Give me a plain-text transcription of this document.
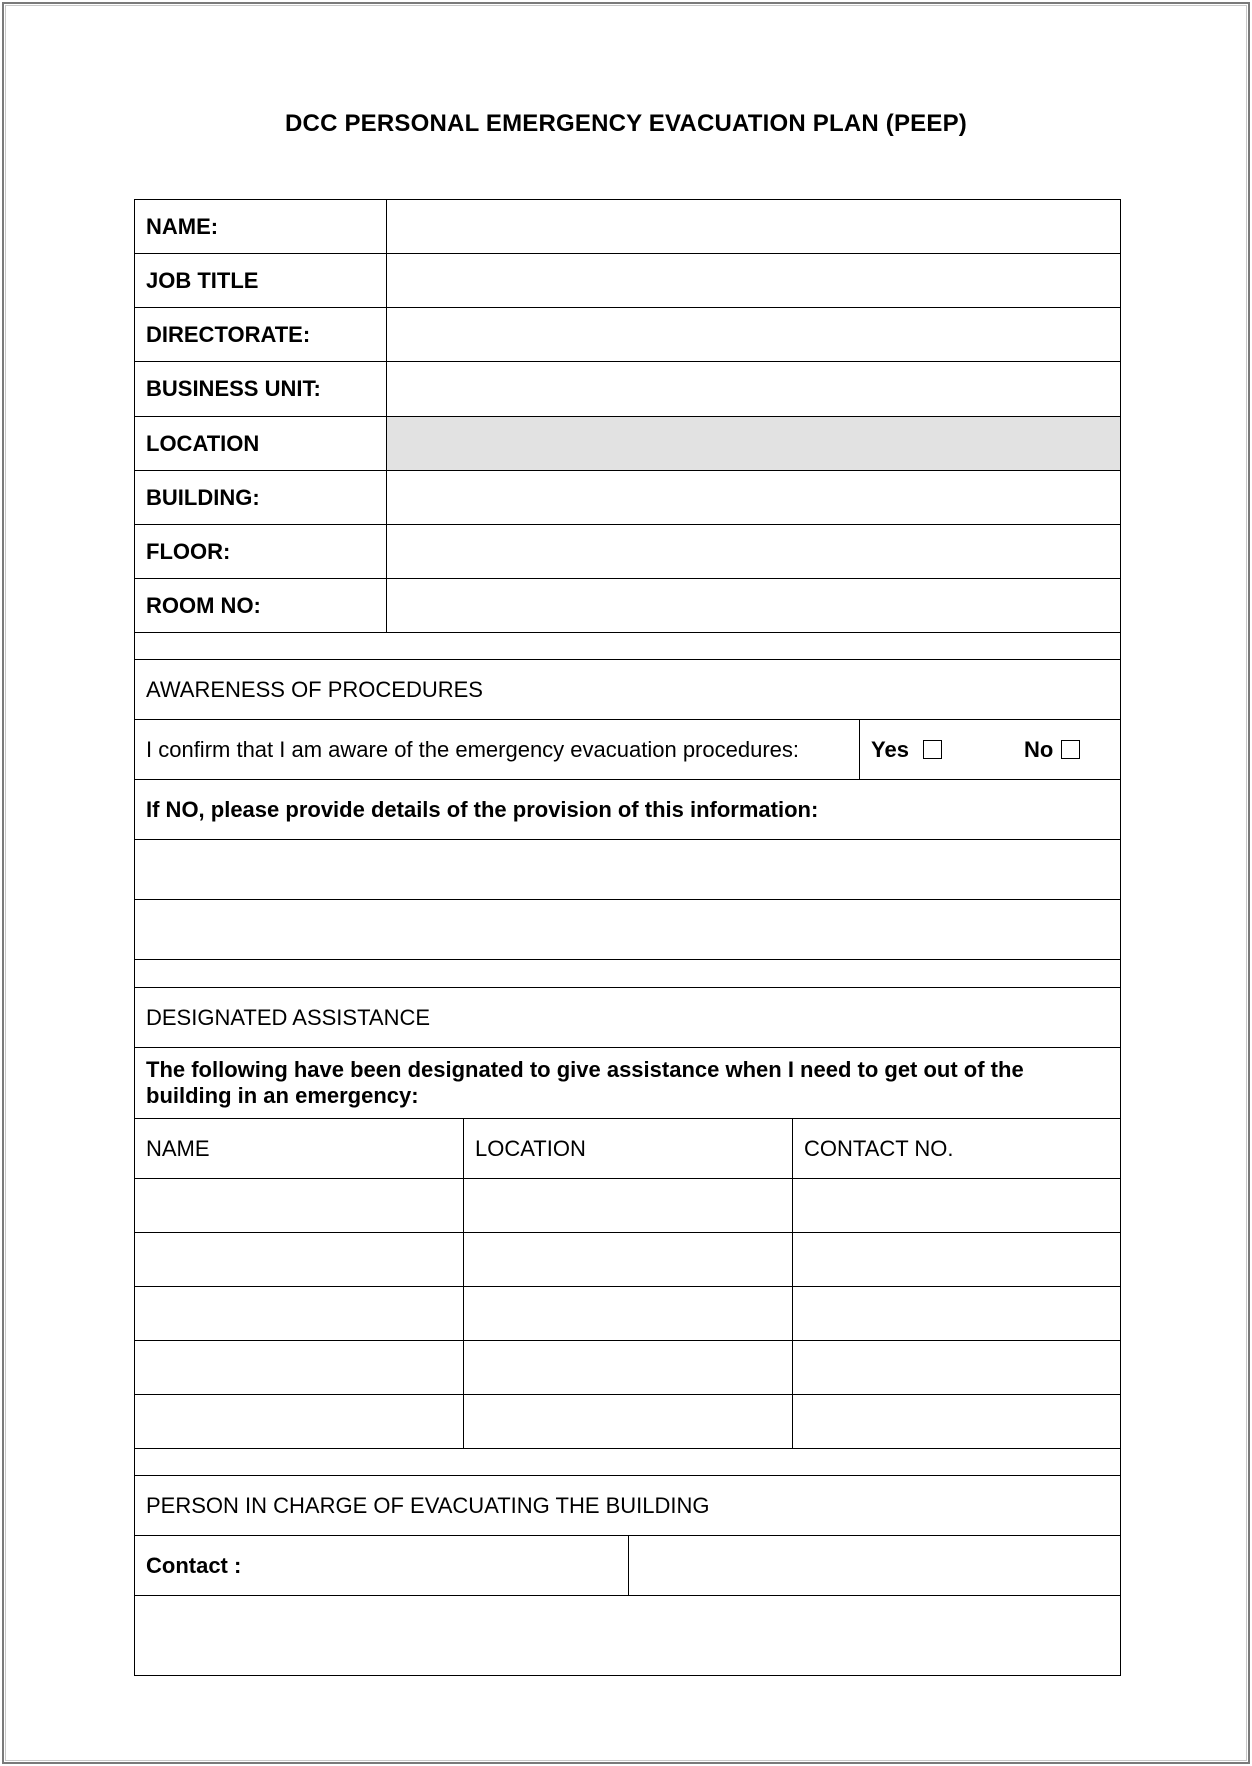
DCC PERSONAL EMERGENCY EVACUATION PLAN (PEEP)
NAME:
JOB TITLE
DIRECTORATE:
BUSINESS UNIT:
LOCATION
BUILDING:
FLOOR:
ROOM NO:
AWARENESS OF PROCEDURES
I confirm that I am aware of the emergency evacuation procedures:	Yes	No
If NO, please provide details of the provision of this information:
DESIGNATED ASSISTANCE
The following have been designated to give assistance when I need to get out of the building in an emergency:
NAME	LOCATION	CONTACT NO.
PERSON IN CHARGE OF EVACUATING THE BUILDING
Contact :
